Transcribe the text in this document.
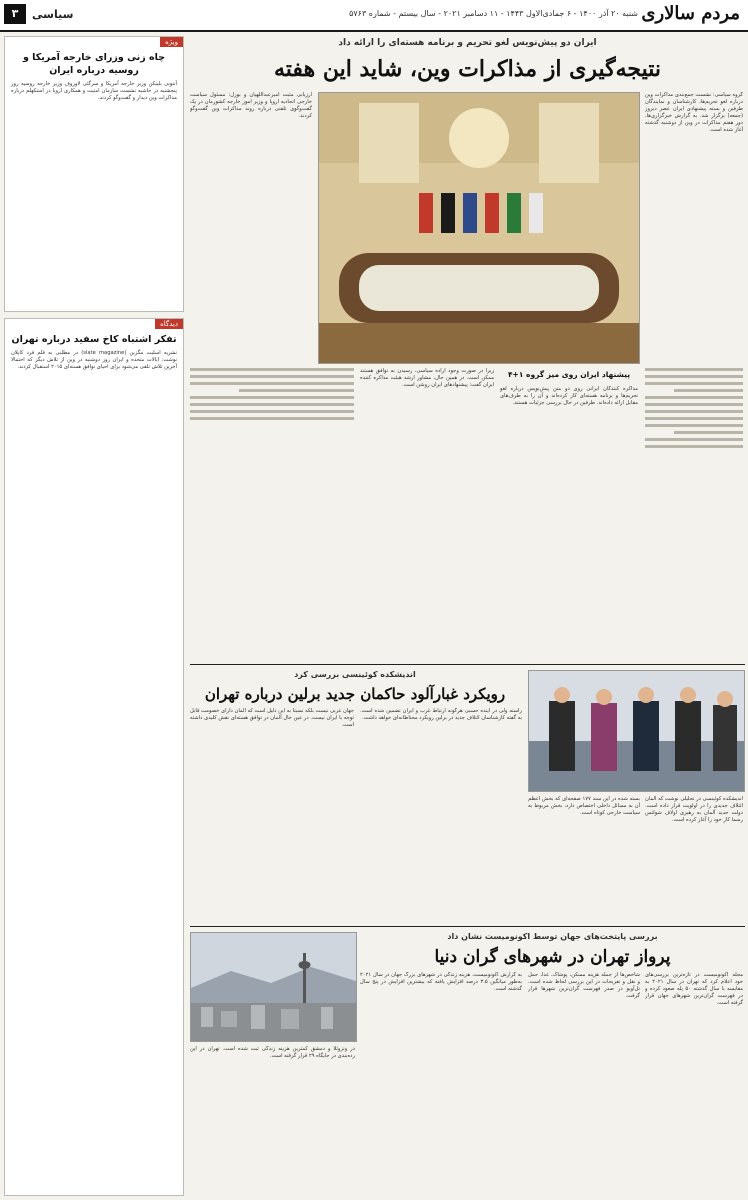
مردم سالاری
شنبه ۲۰ آذر ۱۴۰۰ - ۶ جمادی‌الاول ۱۴۴۳ - ۱۱ دسامبر ۲۰۲۱ - سال بیستم - شماره ۵۷۶۳
سیاسی
۳
ایران دو پیش‌نویس لغو تحریم و برنامه هسته‌ای را ارائه داد
نتیجه‌گیری از مذاکرات وین، شاید این هفته
گروه سیاسی: نشست جمع‌بندی مذاکرات وین درباره لغو تحریم‌ها، کارشناسان و نمایندگان طرفین و بسته پیشنهادی ایران عصر دیروز (جمعه) برگزار شد. به گزارش خبرگزاری‌ها، دور هفتم مذاکرات در وین از دوشنبه گذشته آغاز شده است.
ارزیابی مثبت امیرعبداللهیان و بورل: مسئول سیاست خارجی اتحادیه اروپا و وزیر امور خارجه کشورمان در یک گفت‌وگوی تلفنی درباره روند مذاکرات وین گفت‌وگو کردند.
پیشنهاد ایران روی میز گروه ۱+۴
مذاکره کنندگان ایرانی روی دو متن پیش‌نویس درباره لغو تحریم‌ها و برنامه هسته‌ای کار کرده‌اند و آن را به طرف‌های مقابل ارائه داده‌اند. طرفین در حال بررسی جزئیات هستند.
زیرا در صورت وجود اراده سیاسی، رسیدن به توافق هستند ممکن است. در همین حال، مشاور ارشد هیئت مذاکره کننده ایران گفت: پیشنهادهای ایران روشن است.
ویژه
چاه زنی وزرای خارجه آمریکا و روسیه درباره ایران
آنتونی بلینکن وزیر خارجه آمریکا و سرگئی لاوروف وزیر خارجه روسیه روز پنجشنبه در حاشیه نشست سازمان امنیت و همکاری اروپا در استکهلم درباره مذاکرات وین دیدار و گفت‌وگو کردند.
دیدگاه
تفکر اشتباه کاخ سفید درباره تهران
نشریه اسلیت مگزین (slate magazine) در مطلبی به قلم فرد کاپلان نوشت: ایالات متحده و ایران روز دوشنبه در وین از تلاش دیگر که احتمالا آخرین تلاش تلقی می‌شود برای احیای توافق هسته‌ای ۲۰۱۵ استقبال کردند.
اندیشکده کوئینسی بررسی کرد
رویکرد غبارآلود حاکمان جدید برلین درباره تهران
اندیشکده کوئینسی در تحلیلی نوشت که آلمان ائتلاف جدیدی را در اولویت قرار داده است. دولت جدید آلمان به رهبری اولاف شولتس رسما کار خود را آغاز کرده است.
بسته شده در این سند ۱۷۷ صفحه‌ای که بخش اعظم آن به مسائل داخلی اختصاص دارد، بخش مربوط به سیاست خارجی کوتاه است.
راسته ولی در آینده حسبی هرگونه ارتباط غرب و ایران تضمین شده است. به گفته کارشناسان ائتلاف جدید در برلین رویکرد محتاطانه‌ای خواهد داشت.
جهان غربی نیست بلکه نسبتا به این دلیل است که آلمان دارای خصومت قابل توجه با ایران نیست. در عین حال آلمان در توافق هسته‌ای نقش کلیدی داشته است.
بررسی پایتخت‌های جهان توسط اکونومیست نشان داد
پرواز تهران در شهرهای گران دنیا
مجله اکونومیست در تازه‌ترین بررسی‌های خود اعلام کرد که تهران در سال ۲۰۲۱ به مقایسه با سال گذشته ۵۰ پله صعود کرده و در فهرست گران‌ترین شهرهای جهان قرار گرفته است.
شاخص‌ها از جمله هزینه مسکن، پوشاک، غذا، حمل و نقل و تفریحات در این بررسی لحاظ شده است. تل‌آویو در صدر فهرست گران‌ترین شهرها قرار گرفت.
به گزارش اکونومیست، هزینه زندگی در شهرهای بزرگ جهان در سال ۲۰۲۱ به‌طور میانگین ۳.۵ درصد افزایش یافته که بیشترین افزایش در پنج سال گذشته است.
در ونزوئلا و دمشق کمترین هزینه زندگی ثبت شده است. تهران در این رده‌بندی در جایگاه ۲۹ قرار گرفته است.
